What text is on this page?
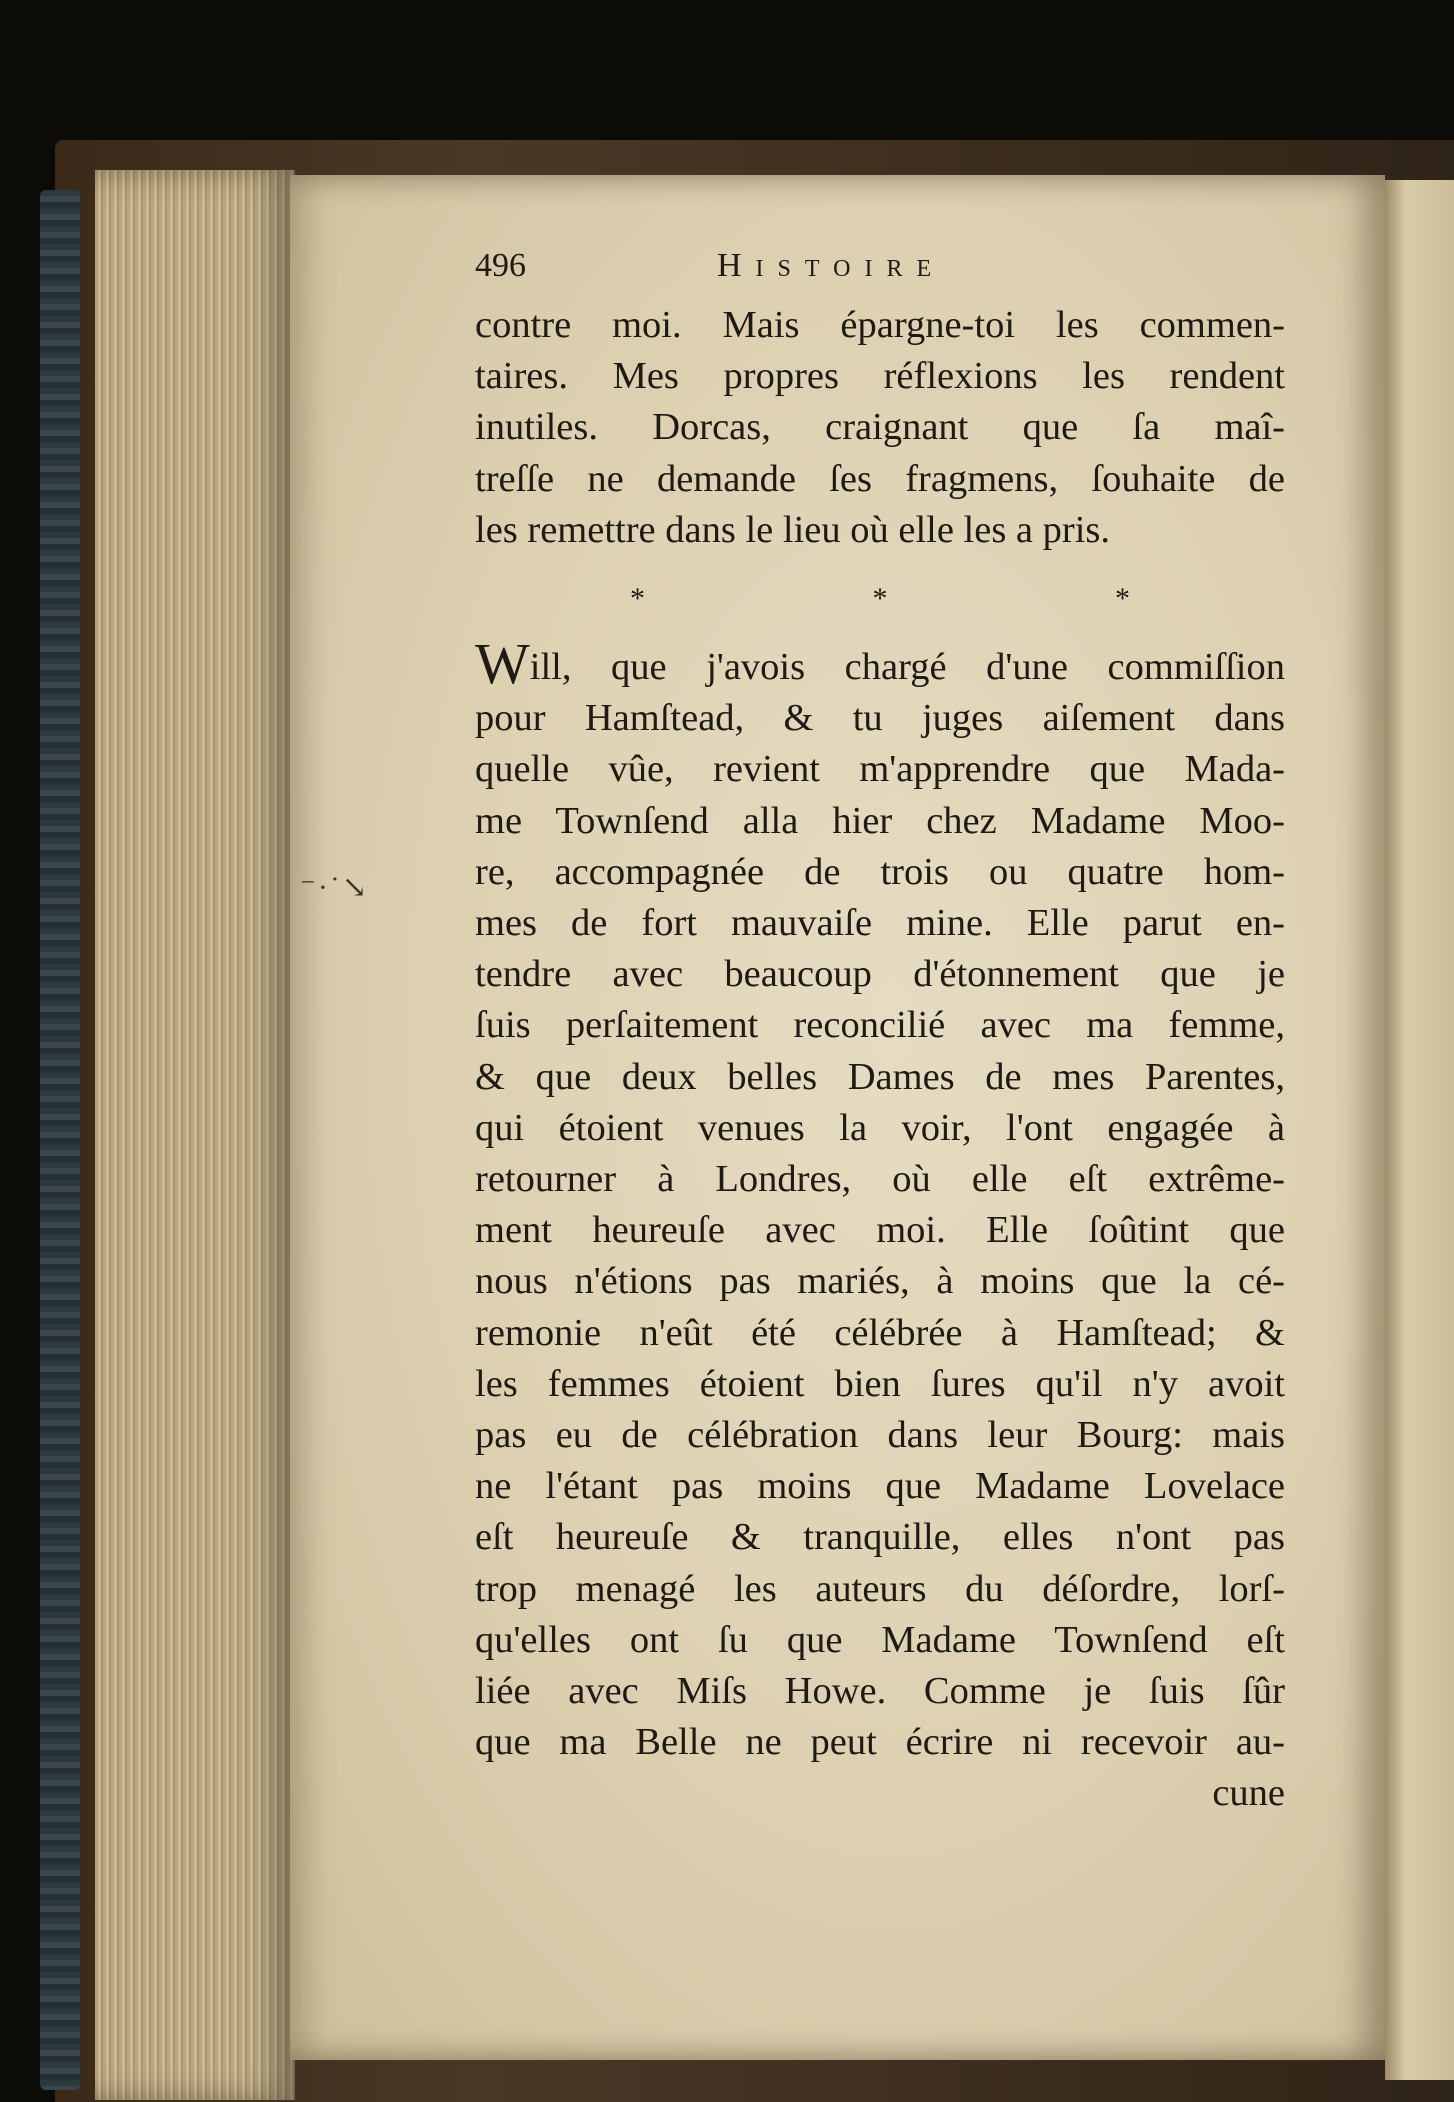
⁻·˙↘
496	Histoire
contre moi. Mais épargne-toi les commen-
taires. Mes propres réflexions les rendent
inutiles. Dorcas, craignant que ſa maî-
treſſe ne demande ſes fragmens, ſouhaite de
les remettre dans le lieu où elle les a pris.
* * *
Will, que j'avois chargé d'une commiſſion
pour Hamſtead, & tu juges aiſement dans
quelle vûe, revient m'apprendre que Mada-
me Townſend alla hier chez Madame Moo-
re, accompagnée de trois ou quatre hom-
mes de fort mauvaiſe mine. Elle parut en-
tendre avec beaucoup d'étonnement que je
ſuis perſaitement reconcilié avec ma femme,
& que deux belles Dames de mes Parentes,
qui étoient venues la voir, l'ont engagée à
retourner à Londres, où elle eſt extrême-
ment heureuſe avec moi. Elle ſoûtint que
nous n'étions pas mariés, à moins que la cé-
remonie n'eût été célébrée à Hamſtead; &
les femmes étoient bien ſures qu'il n'y avoit
pas eu de célébration dans leur Bourg: mais
ne l'étant pas moins que Madame Lovelace
eſt heureuſe & tranquille, elles n'ont pas
trop menagé les auteurs du déſordre, lorſ-
qu'elles ont ſu que Madame Townſend eſt
liée avec Miſs Howe. Comme je ſuis ſûr
que ma Belle ne peut écrire ni recevoir au-
cune
